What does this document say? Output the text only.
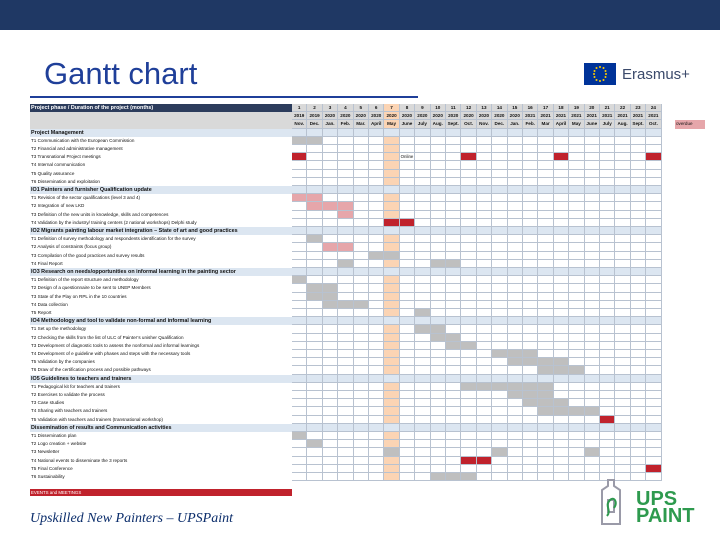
Gantt chart	Erasmus+
Project phase / Duration of the project (months)	1	2	3	4	5	6	7	8	9	10	11	12	13	14	15	16	17	18	19	20	21	22	23	24
2019	2019	2020	2020	2020	2020	2020	2020	2020	2020	2020	2020	2020	2020	2020	2021	2021	2021	2021	2021	2021	2021	2021	2021
Nov.	Dec.	Jan.	Feb.	Mar.	April	May	June	July	Aug.	Sept.	Oct.	Nov.	Dec.	Jan.	Feb.	Mar	April	May	June	July	Aug.	Sept.	Oct.	overdue
Project Management
T1 Communication with the European Commission
T2 Financial and administrative management
T3 Transnational Project meetings	Online
T4 Internal communication
T5 Quality assurance
T6 Dissemination and exploitation
IO1 Painters and furnisher Qualification update
T1 Revision of the sector qualifications (level 3 and 4)
T2 Integration of new LKD
T3 Definition of the new units in knowledge, skills and competences
T4 Validation by the industry/ training centers (2 national workshops) Delphi study
IO2 Migrants painting labour market integration – State of art and good practices
T1 Definition of survey methodology and respondents identification for the survey
T2 Analysis of constraints (focus group)
T3 Compilation of the good practices and survey results
T4 Final Report
IO3 Research on needs/opportunities on informal learning in the painting sector
T1 Definition of the report structure and methodology
T2 Design of a questionnaire to be sent to UNEP Members
T3 State of the Play on RPL in the 10 countries
T4 Data collection
T5 Report
IO4 Methodology and tool to validate non-formal and informal learning
T1 Set up the methodology
T2 Checking the skills from the list of ULC of Painter’s unisher Qualification
T3 Development of diagnostic tools to assess the nonformal and informal learnings
T4 Development of e guideline with phases and steps with the necessary tools
T5 Validation by the companies
T6 Draw of the certification process and possible pathways
IO5 Guidelines to teachers and trainers
T1 Pedagogical kit for teachers and trainers
T2 Exercises to validate the process
T3 Case studies
T4 Sharing with teachers and trainers
T5 Validation with teachers and trainers (transnational workshop)
Dissemination of results and Communication activities
T1 Dissemination plan
T2 Logo creation + website
T3 Newsletter
T4 National events to disseminate the 3 reports
T5 Final Conference
T6 Sustainability
EVENTS and MEETINGS
Upskilled New Painters – UPSPaint
UPS
PAINT
